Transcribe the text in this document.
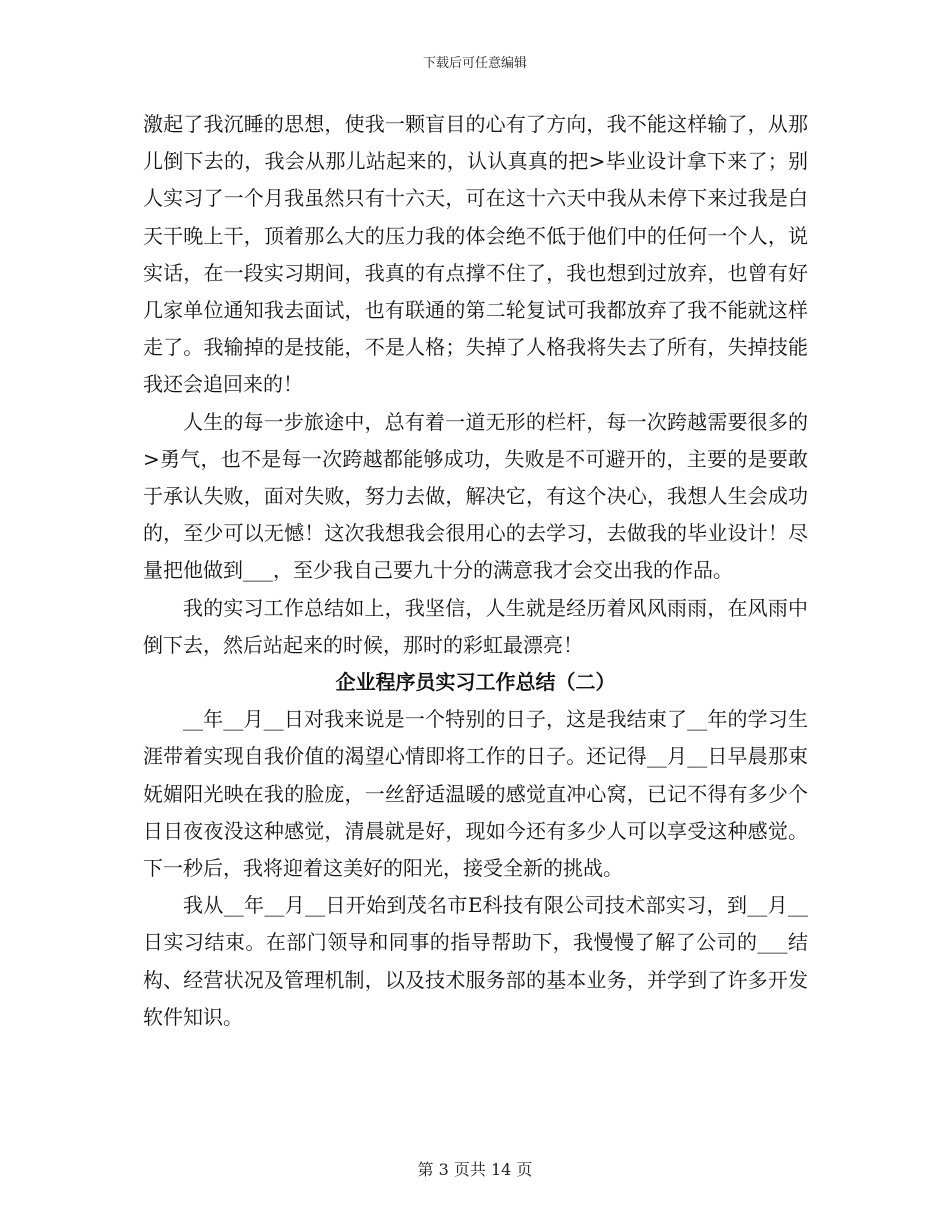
下载后可任意编辑

激起了我沉睡的思想，使我一颗盲目的心有了方向，我不能这样输了，从那儿倒下去的，我会从那儿站起来的，认认真真的把>毕业设计拿下来了；别人实习了一个月我虽然只有十六天，可在这十六天中我从未停下来过我是白天干晚上干，顶着那么大的压力我的体会绝不低于他们中的任何一个人，说实话，在一段实习期间，我真的有点撑不住了，我也想到过放弃，也曾有好几家单位通知我去面试，也有联通的第二轮复试可我都放弃了我不能就这样走了。我输掉的是技能，不是人格；失掉了人格我将失去了所有，失掉技能我还会追回来的！

人生的每一步旅途中，总有着一道无形的栏杆，每一次跨越需要很多的>勇气，也不是每一次跨越都能够成功，失败是不可避开的，主要的是要敢于承认失败，面对失败，努力去做，解决它，有这个决心，我想人生会成功的，至少可以无憾！这次我想我会很用心的去学习，去做我的毕业设计！尽量把他做到___，至少我自己要九十分的满意我才会交出我的作品。

我的实习工作总结如上，我坚信，人生就是经历着风风雨雨，在风雨中倒下去，然后站起来的时候，那时的彩虹最漂亮！

企业程序员实习工作总结（二）

__年__月__日对我来说是一个特别的日子，这是我结束了__年的学习生涯带着实现自我价值的渴望心情即将工作的日子。还记得__月__日早晨那束妩媚阳光映在我的脸庞，一丝舒适温暖的感觉直冲心窝，已记不得有多少个日日夜夜没这种感觉，清晨就是好，现如今还有多少人可以享受这种感觉。下一秒后，我将迎着这美好的阳光，接受全新的挑战。

我从__年__月__日开始到茂名市E科技有限公司技术部实习，到__月__日实习结束。在部门领导和同事的指导帮助下，我慢慢了解了公司的___结构、经营状况及管理机制，以及技术服务部的基本业务，并学到了许多开发软件知识。

第 3 页共 14 页
